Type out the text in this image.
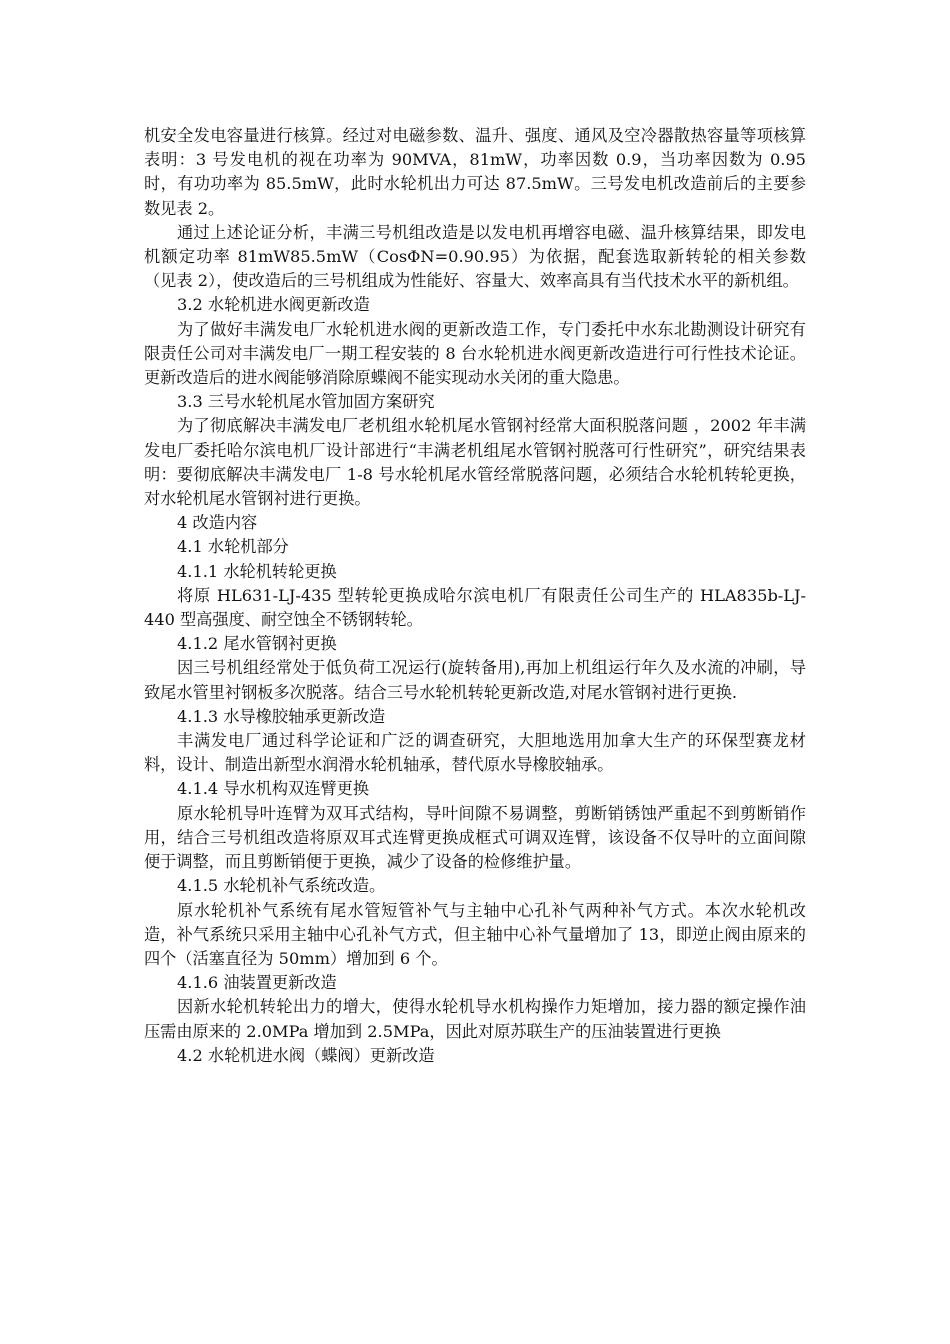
机安全发电容量进行核算。经过对电磁参数、温升、强度、通风及空冷器散热容量等项核算表明：3 号发电机的视在功率为 90MVA，81mW，功率因数 0.9，当功率因数为 0.95 时，有功功率为 85.5mW，此时水轮机出力可达 87.5mW。三号发电机改造前后的主要参数见表 2。

通过上述论证分析，丰满三号机组改造是以发电机再增容电磁、温升核算结果，即发电机额定功率 81mW85.5mW（CosΦN=0.90.95）为依据，配套选取新转轮的相关参数（见表 2），使改造后的三号机组成为性能好、容量大、效率高具有当代技术水平的新机组。

3.2 水轮机进水阀更新改造

为了做好丰满发电厂水轮机进水阀的更新改造工作，专门委托中水东北勘测设计研究有限责任公司对丰满发电厂一期工程安装的 8 台水轮机进水阀更新改造进行可行性技术论证。更新改造后的进水阀能够消除原蝶阀不能实现动水关闭的重大隐患。

3.3 三号水轮机尾水管加固方案研究

为了彻底解决丰满发电厂老机组水轮机尾水管钢衬经常大面积脱落问题 ，2002 年丰满发电厂委托哈尔滨电机厂设计部进行“丰满老机组尾水管钢衬脱落可行性研究”，研究结果表明：要彻底解决丰满发电厂 1-8 号水轮机尾水管经常脱落问题，必须结合水轮机转轮更换，对水轮机尾水管钢衬进行更换。

4 改造内容

4.1 水轮机部分

4.1.1 水轮机转轮更换

将原 HL631-LJ-435 型转轮更换成哈尔滨电机厂有限责任公司生产的 HLA835b-LJ-440 型高强度、耐空蚀全不锈钢转轮。

4.1.2 尾水管钢衬更换

因三号机组经常处于低负荷工况运行(旋转备用),再加上机组运行年久及水流的冲刷，导致尾水管里衬钢板多次脱落。结合三号水轮机转轮更新改造,对尾水管钢衬进行更换.

4.1.3 水导橡胶轴承更新改造

丰满发电厂通过科学论证和广泛的调查研究，大胆地选用加拿大生产的环保型赛龙材料，设计、制造出新型水润滑水轮机轴承，替代原水导橡胶轴承。

4.1.4 导水机构双连臂更换

原水轮机导叶连臂为双耳式结构，导叶间隙不易调整，剪断销锈蚀严重起不到剪断销作用，结合三号机组改造将原双耳式连臂更换成框式可调双连臂，该设备不仅导叶的立面间隙便于调整，而且剪断销便于更换，减少了设备的检修维护量。

4.1.5 水轮机补气系统改造。

原水轮机补气系统有尾水管短管补气与主轴中心孔补气两种补气方式。本次水轮机改造，补气系统只采用主轴中心孔补气方式，但主轴中心补气量增加了 13，即逆止阀由原来的四个（活塞直径为 50mm）增加到 6 个。

4.1.6 油装置更新改造

因新水轮机转轮出力的增大，使得水轮机导水机构操作力矩增加，接力器的额定操作油压需由原来的 2.0MPa 增加到 2.5MPa，因此对原苏联生产的压油装置进行更换

4.2 水轮机进水阀（蝶阀）更新改造
